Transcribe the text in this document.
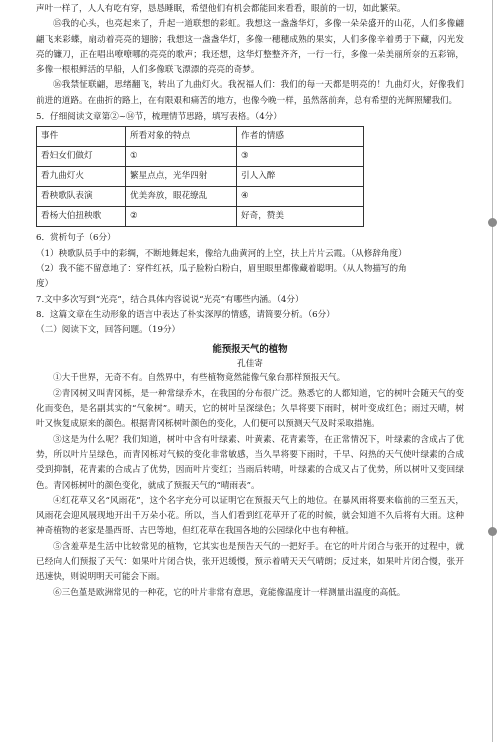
声叶一样了，人人有吃有穿，恳恳睡眠，希望他们有机会都能回来看看，眼前的一切，如此繁荣。

⑮我的心头，也亮起来了，升起一道联想的彩虹。我想这一盏盏华灯，多像一朵朵盛开的山花，人们多像翩翩飞来彩蝶，扇动着亮亮的翅膀；我想这一盏盏华灯，多像一穗穗成熟的果实，人们多像辛着勇于下藏，闪光发亮的镰刀，正在唱出嘹嘹哪的亮亮的歌声；我还想，这华灯整整齐齐，一行一行，多像一朵美丽所奈的五彩锦，多像一根根鲜活的早船，人们多像联飞漂漂的亮亮的奇梦。

⑯我禁怔联翩，思绪翻飞，转出了九曲灯火。我祝福人们：我们的每一天都是明亮的！九曲灯火，好像我们前进的道路。在曲折的路上，在有限艰和痛苦的地方，也像今晚一样，虽然落前奔，总有希望的光辉照耀我们。

5．仔细阅读文章第②~⑭节，梳理情节思路，填写表格。（4分）

事件	所看对象的特点	作者的情感
看妇女们做灯	①	③
看九曲灯火	繁星点点，光华四射	引人入醉
看秧歌队表演	优美奔放，眼花缭乱	④
看杨大伯扭秧歌	②	好奇，赞美

6．赏析句子（6分）

（1）秧歌队员手中的彩绸，不断地舞起来，像给九曲黄河的上空，扶上片片云霞。（从修辞角度）

（2）我不能不留意地了：穿件红袄，瓜子脸粉白粉白，眉里眼里都像藏着聪明。（从人物描写的角

度）

7.文中多次写到“光亮”，结合具体内容说说“光亮”有哪些内涵。（4分）

8．这篇文章在生动形象的语言中表达了朴实深厚的情感，请简要分析。（6分）

（二）阅读下文，回答问题。（19分）

能预报天气的植物
孔佳寄

①大千世界，无奇不有。自然界中，有些植物竟然能像气象台那样预报天气。

②青冈树又叫青冈栎，是一种常绿乔木，在我国的分布很广泛。熟悉它的人都知道，它的树叶会随天气的变化而变色，是名副其实的“气象树”。晴天，它的树叶呈深绿色；久旱将要下雨时，树叶变成红色；雨过天晴，树叶又恢复成原来的颜色。根据青冈栎树叶颜色的变化，人们便可以预测天气及时采取措施。

③这是为什么呢？我们知道，树叶中含有叶绿素、叶黄素、花青素等，在正常情况下，叶绿素的含成占了优势，所以叶片呈绿色，而青冈栎对气候的变化非常敏感，当久旱将要下雨时，千早、闷热的天气使叶绿素的合成受到抑制，花青素的合成占了优势，因而叶片变红；当雨后转晴，叶绿素的合成又占了优势，所以树叶又变回绿色。青冈栎树叶的颜色变化，就成了预报天气的“晴雨表”。

④红花草又名“风雨花”，这个名字充分可以证明它在预报天气上的地位。在暴风雨将要来临前的三至五天，风雨花会迎风展现地开出千万朵小花。所以，当人们看到红花草开了花的时候，就会知道不久后将有大雨。这种神奇植物的老家是墨西哥、古巴等地，但红花草在我国各地的公园绿化中也有种植。

⑤含羞草是生活中比较常见的植物，它其实也是预告天气的一把好手。在它的叶片闭合与张开的过程中，就已经向人们预报了天气：如果叶片闭合快，张开迟缓慢，预示着晴天天气晴朗；反过来，如果叶片闭合慢，张开迅速快，则说明明天可能会下雨。

⑥三色堇是欧洲常见的一种花，它的叶片非常有意思，竟能像温度计一样测量出温度的高低。
